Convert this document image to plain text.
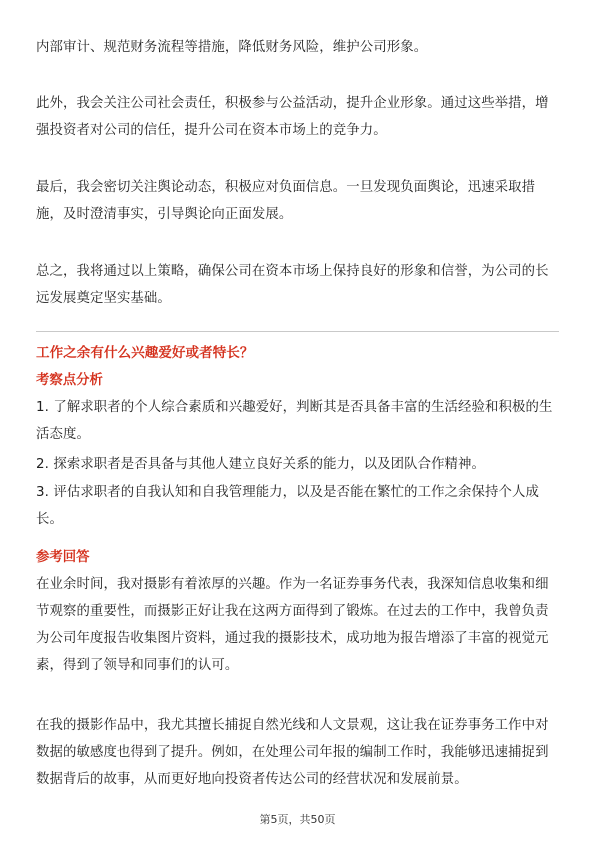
内部审计、规范财务流程等措施，降低财务风险，维护公司形象。

此外，我会关注公司社会责任，积极参与公益活动，提升企业形象。通过这些举措，增强投资者对公司的信任，提升公司在资本市场上的竞争力。

最后，我会密切关注舆论动态，积极应对负面信息。一旦发现负面舆论，迅速采取措施，及时澄清事实，引导舆论向正面发展。

总之，我将通过以上策略，确保公司在资本市场上保持良好的形象和信誉，为公司的长远发展奠定坚实基础。

工作之余有什么兴趣爱好或者特长？
考察点分析

1. 了解求职者的个人综合素质和兴趣爱好，判断其是否具备丰富的生活经验和积极的生活态度。

2. 探索求职者是否具备与其他人建立良好关系的能力，以及团队合作精神。

3. 评估求职者的自我认知和自我管理能力，以及是否能在繁忙的工作之余保持个人成长。

参考回答

在业余时间，我对摄影有着浓厚的兴趣。作为一名证券事务代表，我深知信息收集和细节观察的重要性，而摄影正好让我在这两方面得到了锻炼。在过去的工作中，我曾负责为公司年度报告收集图片资料，通过我的摄影技术，成功地为报告增添了丰富的视觉元素，得到了领导和同事们的认可。

在我的摄影作品中，我尤其擅长捕捉自然光线和人文景观，这让我在证券事务工作中对数据的敏感度也得到了提升。例如，在处理公司年报的编制工作时，我能够迅速捕捉到数据背后的故事，从而更好地向投资者传达公司的经营状况和发展前景。

第5页，共50页
